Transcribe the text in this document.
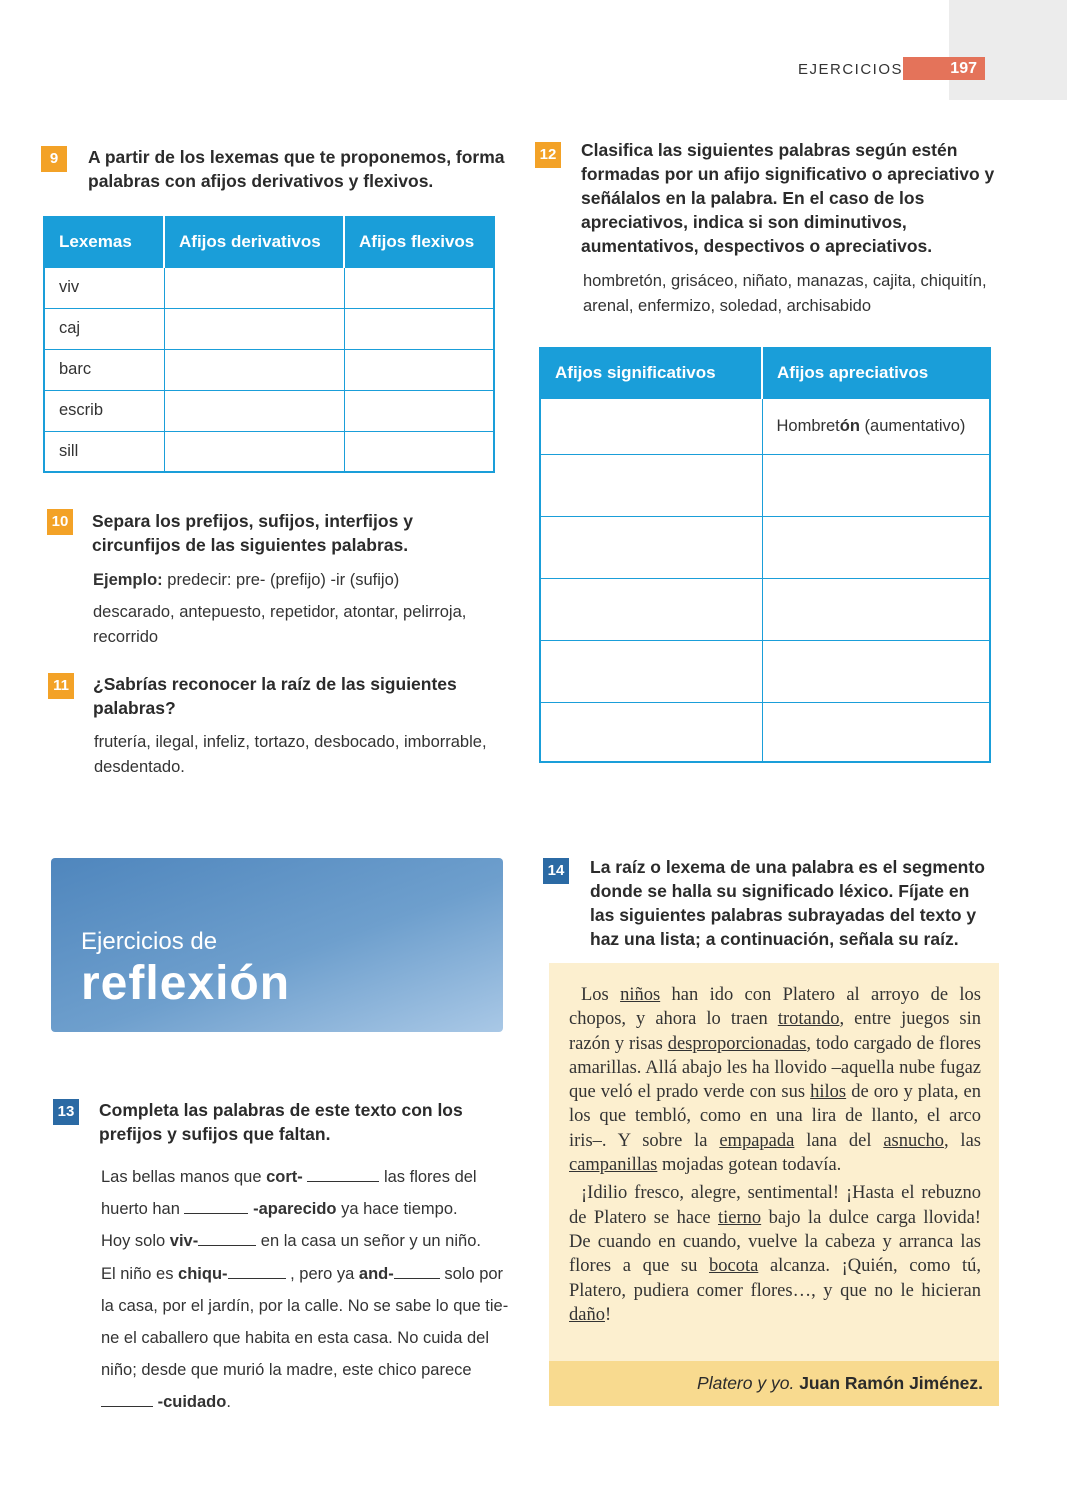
EJERCICIOS	197
9	A partir de los lexemas que te proponemos, forma palabras con afijos derivativos y flexivos.
Lexemas	Afijos derivativos	Afijos flexivos
viv		
caj		
barc		
escrib		
sill		
10 Separa los prefijos, sufijos, interfijos y circunfijos de las siguientes palabras.
Ejemplo: predecir: pre- (prefijo) -ir (sufijo)
descarado, antepuesto, repetidor, atontar, pelirroja, recorrido
11 ¿Sabrías reconocer la raíz de las siguientes palabras?
frutería, ilegal, infeliz, tortazo, desbocado, imborrable, desdentado.
12 Clasifica las siguientes palabras según estén formadas por un afijo significativo o apreciativo y señálalos en la palabra. En el caso de los apreciativos, indica si son diminutivos, aumentativos, despectivos o apreciativos.
hombretón, grisáceo, niñato, manazas, cajita, chiquitín, arenal, enfermizo, soledad, archisabido
Afijos significativos	Afijos apreciativos
	Hombretón (aumentativo)

Ejercicios de
reflexión
13 Completa las palabras de este texto con los prefijos y sufijos que faltan.
Las bellas manos que cort-	las flores del
huerto han	-aparecido ya hace tiempo.
Hoy solo viv-	en la casa un señor y un niño.
El niño es chiqu-	, pero ya and-	solo por
la casa, por el jardín, por la calle. No se sabe lo que tie-
ne el caballero que habita en esta casa. No cuida del
niño; desde que murió la madre, este chico parece
-cuidado.
14 La raíz o lexema de una palabra es el segmento donde se halla su significado léxico. Fíjate en las siguientes palabras subrayadas del texto y haz una lista; a continuación, señala su raíz.

Los niños han ido con Platero al arroyo de los chopos, y ahora lo traen trotando, entre juegos sin razón y risas desproporcionadas, todo cargado de flores amarillas. Allá abajo les ha llovido –aquella nube fugaz que veló el prado verde con sus hilos de oro y plata, en los que tembló, como en una lira de llanto, el arco iris–. Y sobre la empapada lana del asnucho, las campanillas mojadas gotean todavía.

¡Idilio fresco, alegre, sentimental! ¡Hasta el rebuzno de Platero se hace tierno bajo la dulce carga llovida! De cuando en cuando, vuelve la cabeza y arranca las flores a que su bocota alcanza. ¡Quién, como tú, Platero, pudiera comer flores…, y que no le hicieran daño!

Platero y yo. Juan Ramón Jiménez.
